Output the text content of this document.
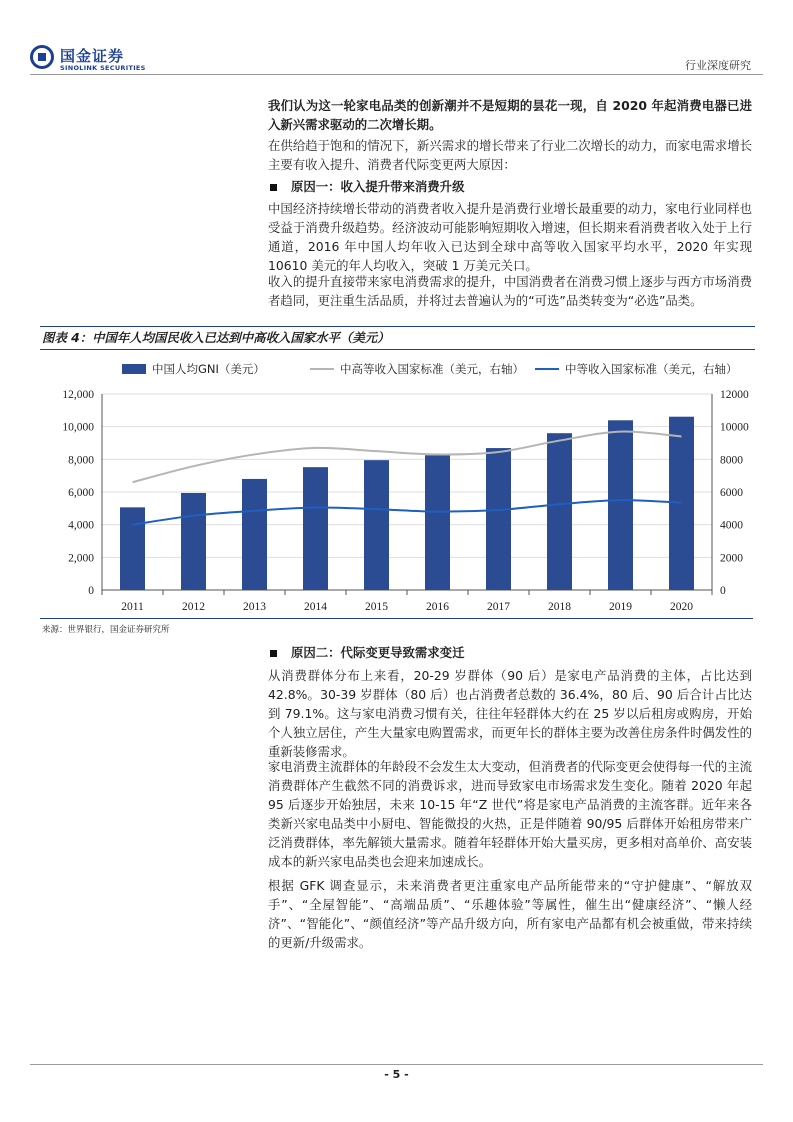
国金证券
SINOLINK SECURITIES	行业深度研究

我们认为这一轮家电品类的创新潮并不是短期的昙花一现，自 2020 年起消费电器已进入新兴需求驱动的二次增长期。

在供给趋于饱和的情况下，新兴需求的增长带来了行业二次增长的动力，而家电需求增长主要有收入提升、消费者代际变更两大原因：

原因一：收入提升带来消费升级

中国经济持续增长带动的消费者收入提升是消费行业增长最重要的动力，家电行业同样也受益于消费升级趋势。经济波动可能影响短期收入增速，但长期来看消费者收入处于上行通道，2016 年中国人均年收入已达到全球中高等收入国家平均水平，2020 年实现 10610 美元的年人均收入，突破 1 万美元关口。

收入的提升直接带来家电消费需求的提升，中国消费者在消费习惯上逐步与西方市场消费者趋同，更注重生活品质，并将过去普遍认为的“可选”品类转变为“必选”品类。

图表 4：中国年人均国民收入已达到中高收入国家水平（美元）
0
2,000
4,000
6,000
8,000
10,000
12,000
0
2000
4000
6000
8000
10000
12000
2011	2012	2013	2014	2015	2016	2017	2018	2019	2020
中国人均GNI（美元）	中高等收入国家标准（美元，右轴）	中等收入国家标准（美元，右轴）
来源：世界银行，国金证券研究所
原因二：代际变更导致需求变迁

从消费群体分布上来看，20-29 岁群体（90 后）是家电产品消费的主体，占比达到 42.8%。30-39 岁群体（80 后）也占消费者总数的 36.4%，80 后、90 后合计占比达到 79.1%。这与家电消费习惯有关，往往年轻群体大约在 25 岁以后租房或购房，开始个人独立居住，产生大量家电购置需求，而更年长的群体主要为改善住房条件时偶发性的重新装修需求。

家电消费主流群体的年龄段不会发生太大变动，但消费者的代际变更会使得每一代的主流消费群体产生截然不同的消费诉求，进而导致家电市场需求发生变化。随着 2020 年起 95 后逐步开始独居，未来 10-15 年“Z 世代”将是家电产品消费的主流客群。近年来各类新兴家电品类中小厨电、智能微投的火热，正是伴随着 90/95 后群体开始租房带来广泛消费群体，率先解锁大量需求。随着年轻群体开始大量买房，更多相对高单价、高安装成本的新兴家电品类也会迎来加速成长。

根据 GFK 调查显示，未来消费者更注重家电产品所能带来的“守护健康”、“解放双手”、“全屋智能”、“高端品质”、“乐趣体验”等属性，催生出“健康经济”、“懒人经济”、“智能化”、“颜值经济”等产品升级方向，所有家电产品都有机会被重做，带来持续的更新/升级需求。

- 5 -
